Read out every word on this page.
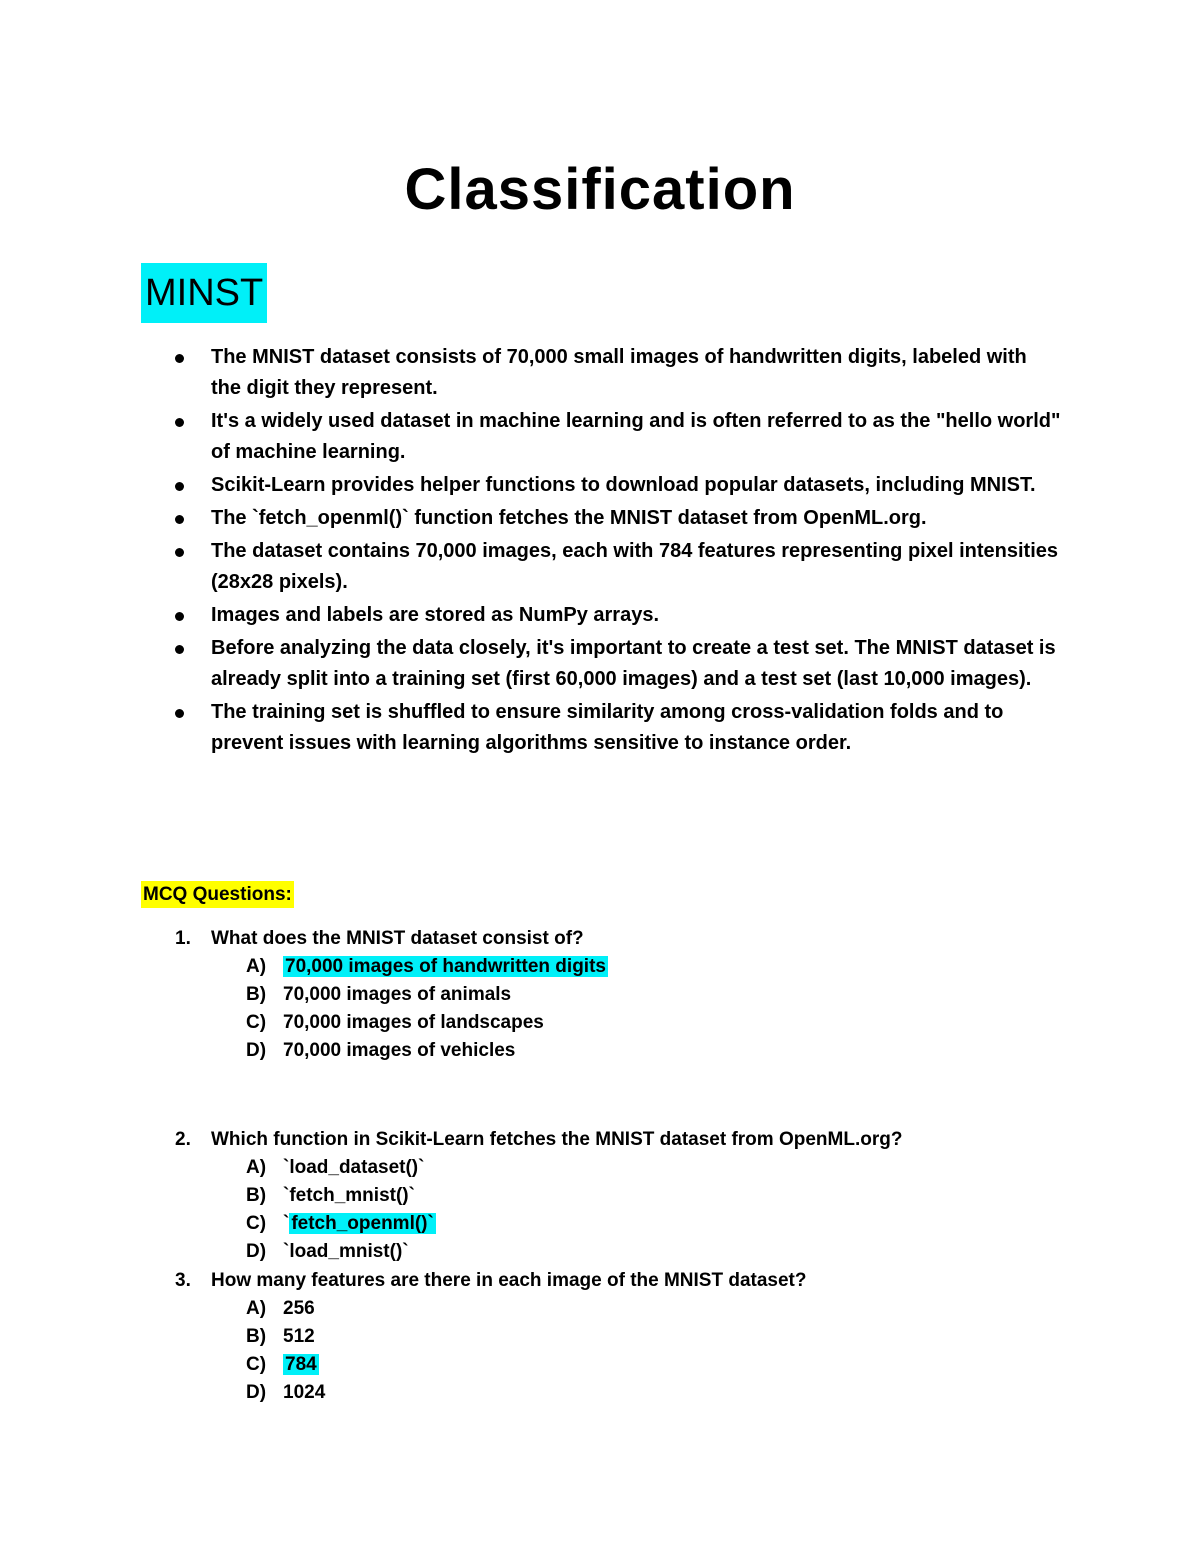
Classification
MINST
The MNIST dataset consists of 70,000 small images of handwritten digits, labeled with the digit they represent.
It's a widely used dataset in machine learning and is often referred to as the "hello world" of machine learning.
Scikit-Learn provides helper functions to download popular datasets, including MNIST.
The `fetch_openml()` function fetches the MNIST dataset from OpenML.org.
The dataset contains 70,000 images, each with 784 features representing pixel intensities (28x28 pixels).
Images and labels are stored as NumPy arrays.
Before analyzing the data closely, it's important to create a test set. The MNIST dataset is already split into a training set (first 60,000 images) and a test set (last 10,000 images).
The training set is shuffled to ensure similarity among cross-validation folds and to prevent issues with learning algorithms sensitive to instance order.
MCQ Questions:
1. What does the MNIST dataset consist of?
A) 70,000 images of handwritten digits
B) 70,000 images of animals
C) 70,000 images of landscapes
D) 70,000 images of vehicles
2. Which function in Scikit-Learn fetches the MNIST dataset from OpenML.org?
A) `load_dataset()`
B) `fetch_mnist()`
C) ` fetch_openml()`
D) `load_mnist()`
3. How many features are there in each image of the MNIST dataset?
A) 256
B) 512
C) 784
D) 1024
